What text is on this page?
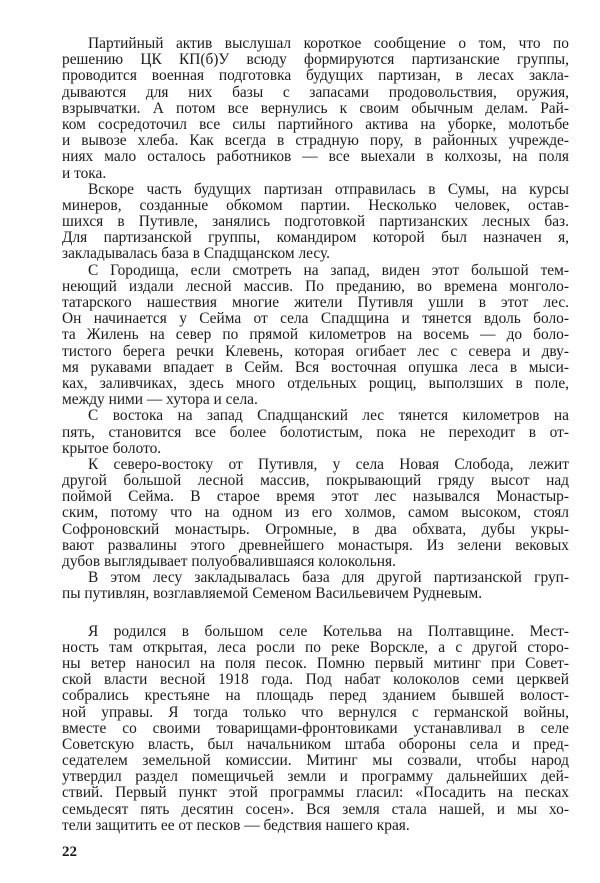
Партийный актив выслушал короткое сообщение о том, что по
решению ЦК КП(б)У всюду формируются партизанские группы,
проводится военная подготовка будущих партизан, в лесах закла-
дываются для них базы с запасами продовольствия, оружия,
взрывчатки. А потом все вернулись к своим обычным делам. Рай-
ком сосредоточил все силы партийного актива на уборке, молотьбе
и вывозе хлеба. Как всегда в страдную пору, в районных учрежде-
ниях мало осталось работников — все выехали в колхозы, на поля
и тока.
Вскоре часть будущих партизан отправилась в Сумы, на курсы
минеров, созданные обкомом партии. Несколько человек, остав-
шихся в Путивле, занялись подготовкой партизанских лесных баз.
Для партизанской группы, командиром которой был назначен я,
закладывалась база в Спадщанском лесу.
С Городища, если смотреть на запад, виден этот большой тем-
неющий издали лесной массив. По преданию, во времена монголо-
татарского нашествия многие жители Путивля ушли в этот лес.
Он начинается у Сейма от села Спадщина и тянется вдоль боло-
та Жилень на север по прямой километров на восемь — до боло-
тистого берега речки Клевень, которая огибает лес с севера и дву-
мя рукавами впадает в Сейм. Вся восточная опушка леса в мыси-
ках, заливчиках, здесь много отдельных рощиц, выползших в поле,
между ними — хутора и села.
С востока на запад Спадщанский лес тянется километров на
пять, становится все более болотистым, пока не переходит в от-
крытое болото.
К северо-востоку от Путивля, у села Новая Слобода, лежит
другой большой лесной массив, покрывающий гряду высот над
поймой Сейма. В старое время этот лес назывался Монастыр-
ским, потому что на одном из его холмов, самом высоком, стоял
Софроновский монастырь. Огромные, в два обхвата, дубы укры-
вают развалины этого древнейшего монастыря. Из зелени вековых
дубов выглядывает полуобвалившаяся колокольня.
В этом лесу закладывалась база для другой партизанской груп-
пы путивлян, возглавляемой Семеном Васильевичем Рудневым.
Я родился в большом селе Котельва на Полтавщине. Мест-
ность там открытая, леса росли по реке Ворскле, а с другой сторо-
ны ветер наносил на поля песок. Помню первый митинг при Совет-
ской власти весной 1918 года. Под набат колоколов семи церквей
собрались крестьяне на площадь перед зданием бывшей волост-
ной управы. Я тогда только что вернулся с германской войны,
вместе со своими товарищами-фронтовиками устанавливал в селе
Советскую власть, был начальником штаба обороны села и пред-
седателем земельной комиссии. Митинг мы созвали, чтобы народ
утвердил раздел помещичьей земли и программу дальнейших дей-
ствий. Первый пункт этой программы гласил: «Посадить на песках
семьдесят пять десятин сосен». Вся земля стала нашей, и мы хо-
тели защитить ее от песков — бедствия нашего края.
22
